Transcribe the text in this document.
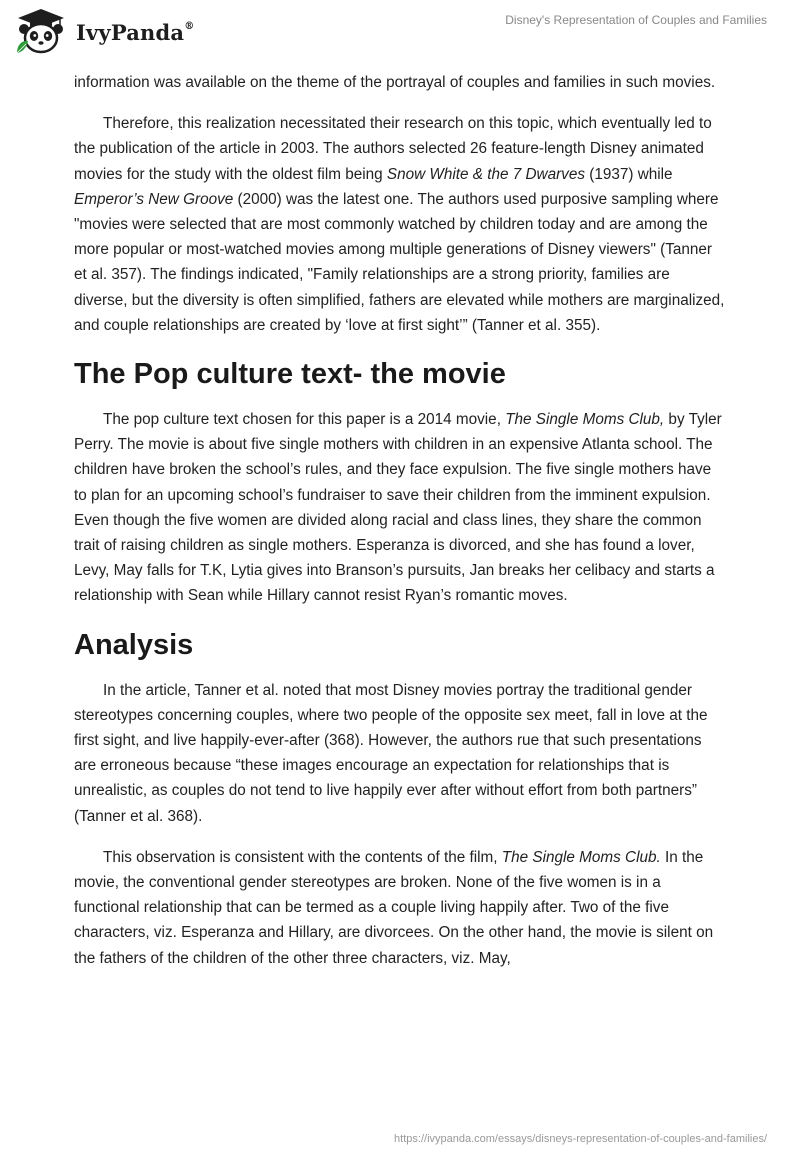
IvyPanda®	Disney's Representation of Couples and Families

information was available on the theme of the portrayal of couples and families in such movies.

Therefore, this realization necessitated their research on this topic, which eventually led to the publication of the article in 2003. The authors selected 26 feature-length Disney animated movies for the study with the oldest film being Snow White & the 7 Dwarves (1937) while Emperor’s New Groove (2000) was the latest one. The authors used purposive sampling where "movies were selected that are most commonly watched by children today and are among the more popular or most-watched movies among multiple generations of Disney viewers" (Tanner et al. 357). The findings indicated, "Family relationships are a strong priority, families are diverse, but the diversity is often simplified, fathers are elevated while mothers are marginalized, and couple relationships are created by ‘love at first sight’” (Tanner et al. 355).

The Pop culture text- the movie

The pop culture text chosen for this paper is a 2014 movie, The Single Moms Club, by Tyler Perry. The movie is about five single mothers with children in an expensive Atlanta school. The children have broken the school’s rules, and they face expulsion. The five single mothers have to plan for an upcoming school’s fundraiser to save their children from the imminent expulsion. Even though the five women are divided along racial and class lines, they share the common trait of raising children as single mothers. Esperanza is divorced, and she has found a lover, Levy, May falls for T.K, Lytia gives into Branson’s pursuits, Jan breaks her celibacy and starts a relationship with Sean while Hillary cannot resist Ryan’s romantic moves.

Analysis

In the article, Tanner et al. noted that most Disney movies portray the traditional gender stereotypes concerning couples, where two people of the opposite sex meet, fall in love at the first sight, and live happily-ever-after (368). However, the authors rue that such presentations are erroneous because “these images encourage an expectation for relationships that is unrealistic, as couples do not tend to live happily ever after without effort from both partners” (Tanner et al. 368).

This observation is consistent with the contents of the film, The Single Moms Club. In the movie, the conventional gender stereotypes are broken. None of the five women is in a functional relationship that can be termed as a couple living happily after. Two of the five characters, viz. Esperanza and Hillary, are divorcees. On the other hand, the movie is silent on the fathers of the children of the other three characters, viz. May,

https://ivypanda.com/essays/disneys-representation-of-couples-and-families/
